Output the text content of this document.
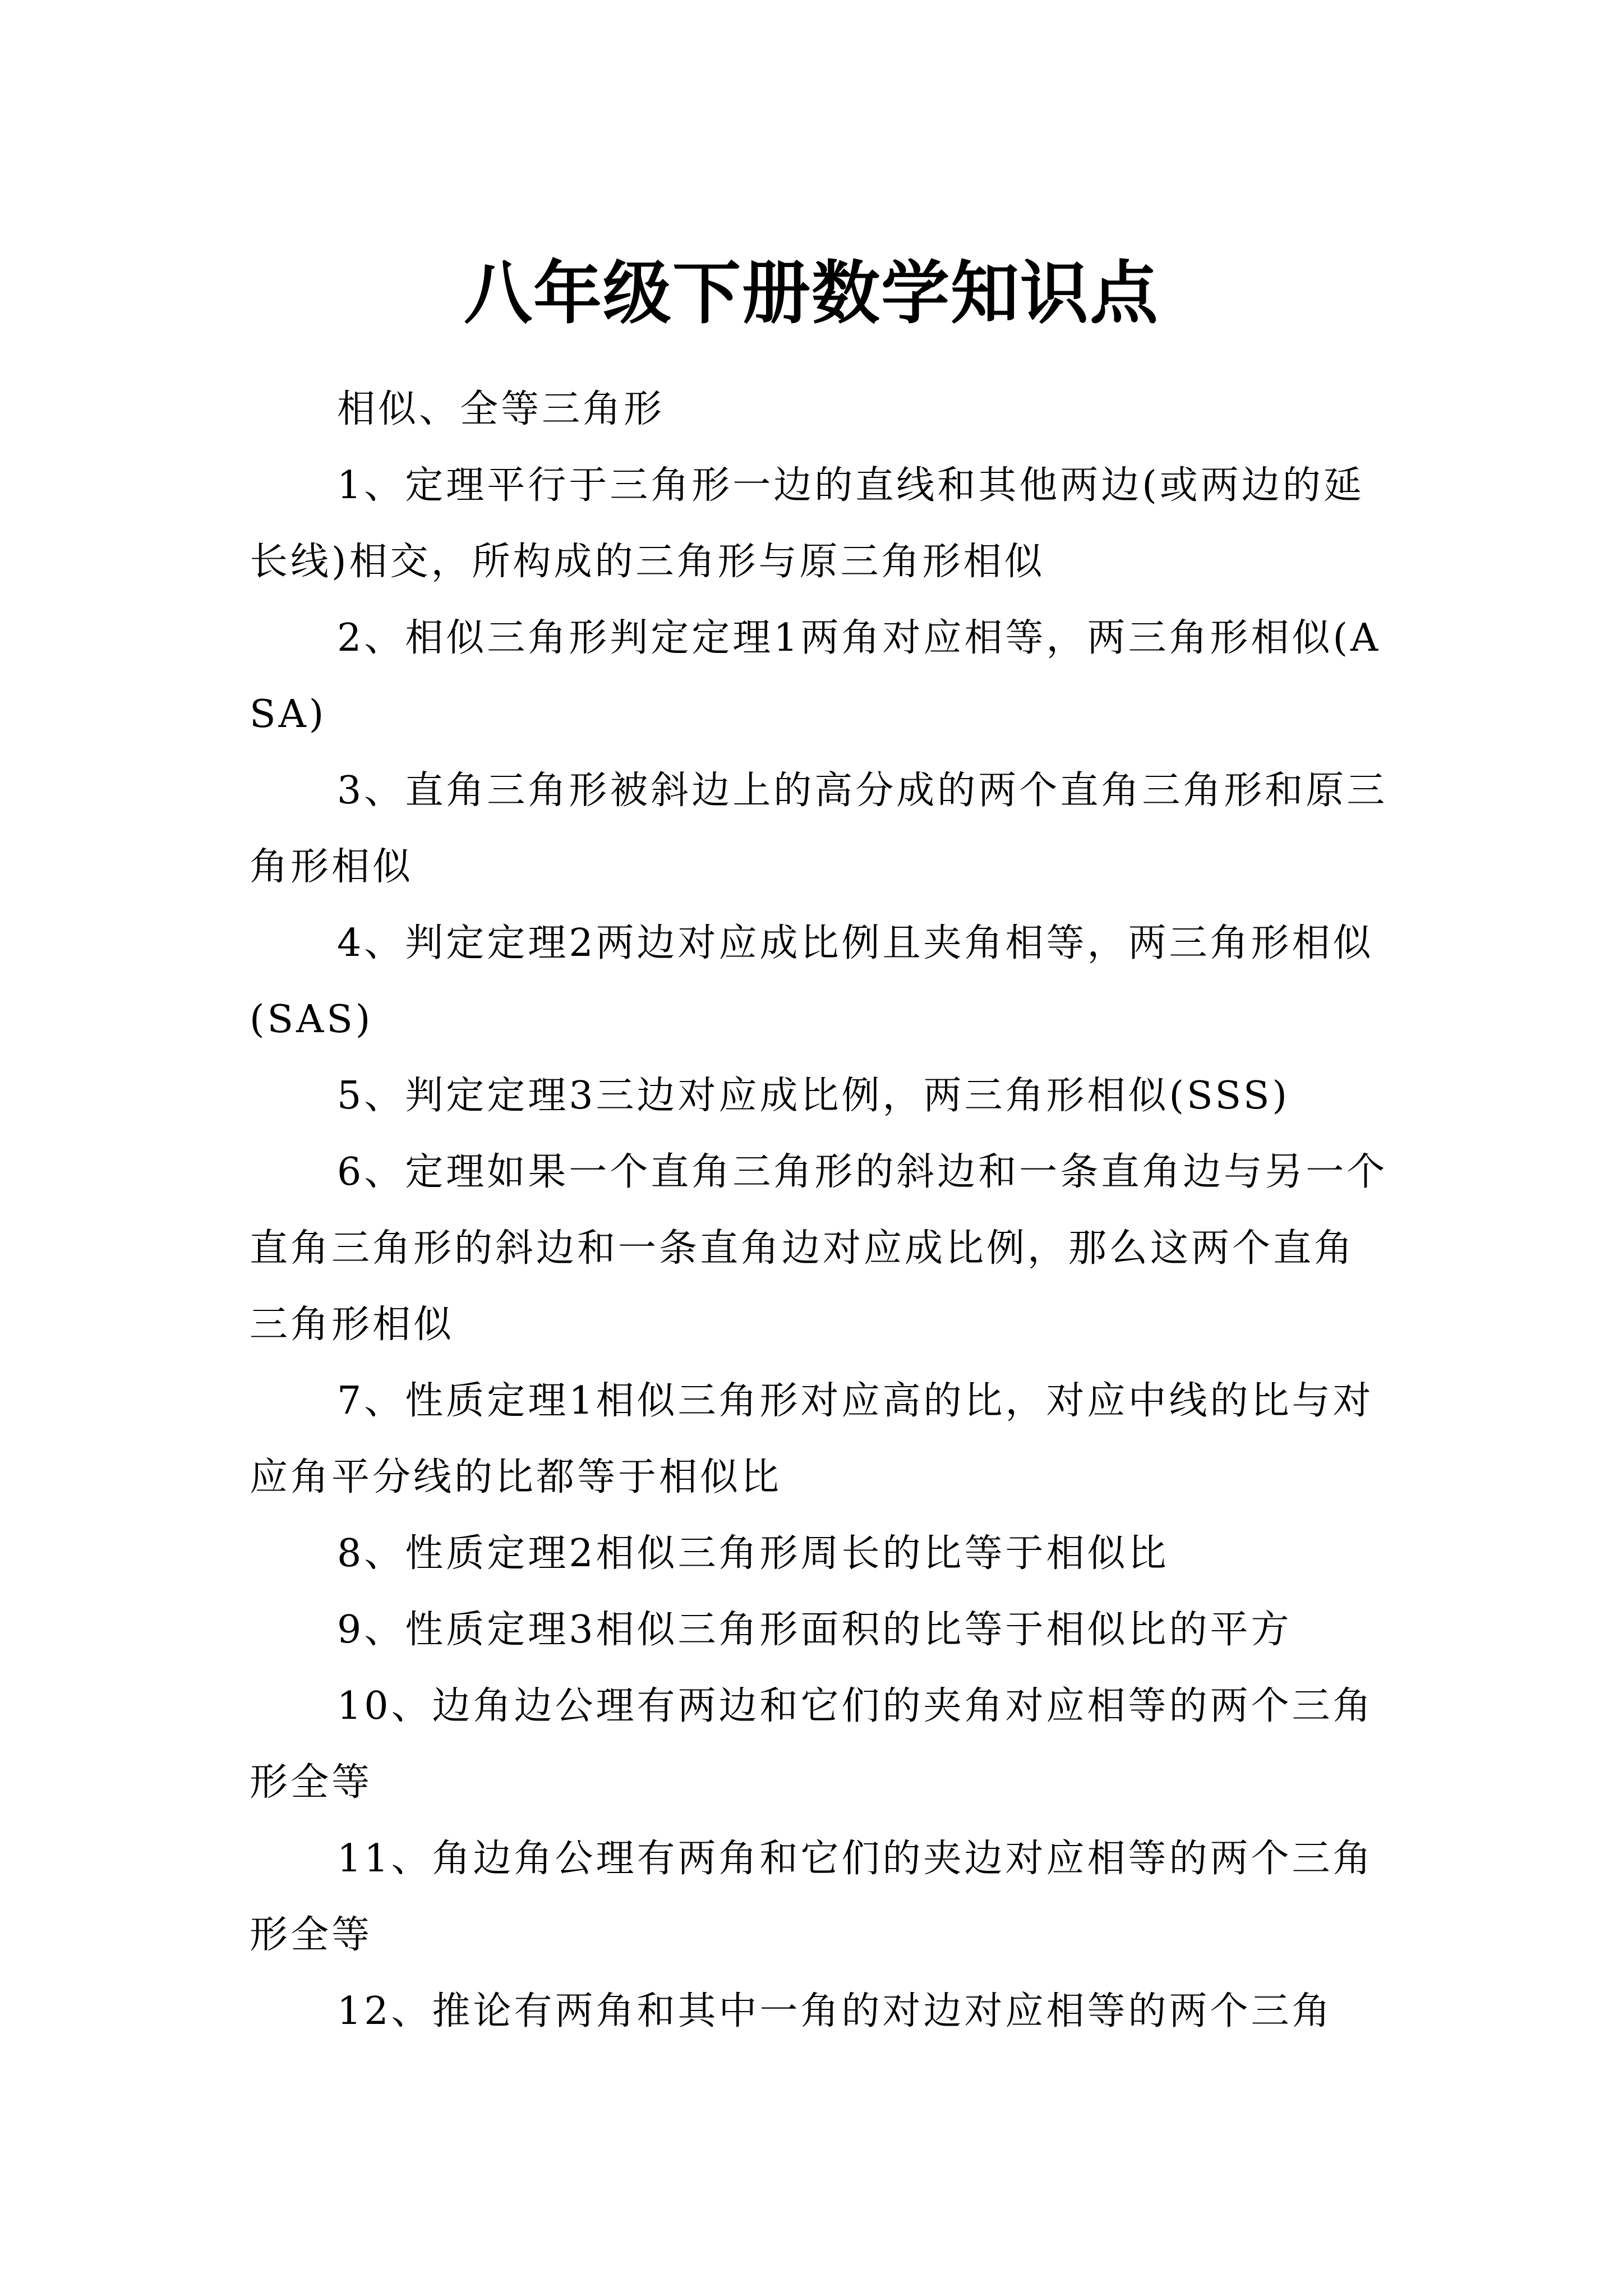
八年级下册数学知识点

相似、全等三角形

1、定理平行于三角形一边的直线和其他两边(或两边的延长线)相交，所构成的三角形与原三角形相似

2、相似三角形判定定理1两角对应相等，两三角形相似(ASA)

3、直角三角形被斜边上的高分成的两个直角三角形和原三角形相似

4、判定定理2两边对应成比例且夹角相等，两三角形相似(SAS)

5、判定定理3三边对应成比例，两三角形相似(SSS)

6、定理如果一个直角三角形的斜边和一条直角边与另一个直角三角形的斜边和一条直角边对应成比例，那么这两个直角三角形相似

7、性质定理1相似三角形对应高的比，对应中线的比与对应角平分线的比都等于相似比

8、性质定理2相似三角形周长的比等于相似比

9、性质定理3相似三角形面积的比等于相似比的平方

10、边角边公理有两边和它们的夹角对应相等的两个三角形全等

11、角边角公理有两角和它们的夹边对应相等的两个三角形全等

12、推论有两角和其中一角的对边对应相等的两个三角
